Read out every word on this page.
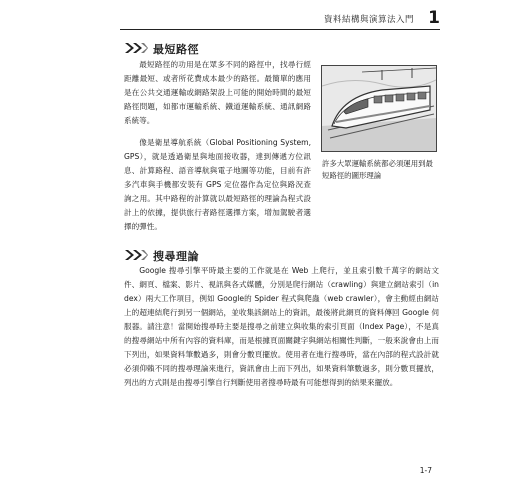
資料結構與演算法入門 1
最短路徑

最短路徑的功用是在眾多不同的路徑中，找尋行經距離最短、或者所花費成本最少的路徑。最簡單的應用是在公共交通運輸或網路架設上可能的開始時間的最短路徑問題，如都市運輸系統、鐵道運輸系統、通訊網路系統等。

像是衛星導航系統（Global Positioning System, GPS），就是透過衛星與地面接收器，達到傳遞方位訊息、計算路程、語音導航與電子地圖等功能，目前有許多汽車與手機都安裝有 GPS 定位器作為定位與路況查詢之用。其中路程的計算就以最短路徑的理論為程式設計上的依據，提供旅行者路徑選擇方案，增加駕駛者選擇的彈性。

許多大眾運輸系統都必須運用到最短路徑的圖形理論
搜尋理論

Google 搜尋引擎平時最主要的工作就是在 Web 上爬行，並且索引數千萬字的網站文件、網頁、檔案、影片、視訊與各式媒體，分別是爬行網站（crawling）與建立網站索引（index）兩大工作項目，例如 Google的 Spider 程式與爬蟲（web crawler），會主動經由網站上的超連結爬行到另一個網站，並收集該網站上的資訊，最後將此網頁的資料傳回 Google 伺服器。請注意！當開始搜尋時主要是搜尋之前建立與收集的索引頁面（Index Page），不是真的搜尋網站中所有內容的資料庫，而是根據頁面關鍵字與網站相關性判斷，一般來說會由上而下列出，如果資料筆數過多，則會分數頁擺放。使用者在進行搜尋時，當在內部的程式設計就必須仰賴不同的搜尋理論來進行，資訊會由上而下列出，如果資料筆數過多，則分數頁擺放，列出的方式則是由搜尋引擎自行判斷使用者搜尋時最有可能想得到的結果來擺放。

1-7
